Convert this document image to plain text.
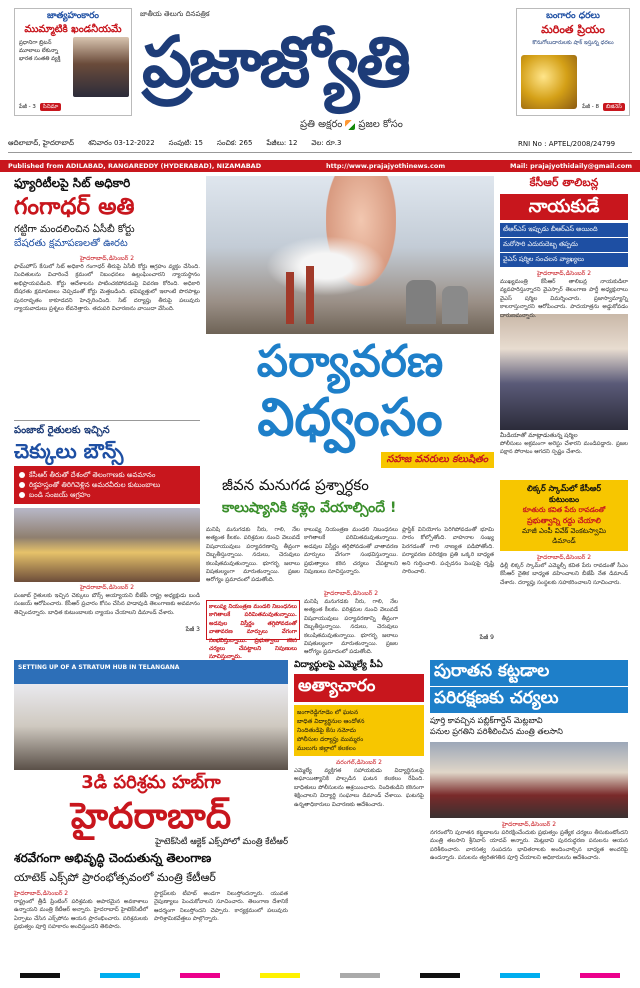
జాత్యహంకారం
ముమ్మాటికి ఖండనీయమే
ప్రధానిగా బ్రిటన్ మూలాలు లేకున్నా భారత సంతతి వ్యక్తి
పేజీ - 3	సినిమా
జాతీయ తెలుగు దినపత్రిక
ప్రజాజ్యోతి
ప్రతి అక్షరం ప్రజల కోసం
బంగారం ధరలు
మరింత ప్రియం
కొనుగోలుదారులకు షాక్ ఇస్తున్న ధరలు
పేజీ - 8	బిజినెస్
RNI No : APTEL/2008/24799
ఆదిలాబాద్, హైదరాబాద్ శనివారం 03-12-2022 సంపుటి: 15 సంచిక: 265 పేజీలు: 12 వెల: రూ.3
Published from ADILABAD, RANGAREDDY (HYDERABAD), NIZAMABAD	http://www.prajajyothinews.com	Mail: prajajyothidaily@gmail.com
ఫ్యూరిటీలపై సిట్ అధికారి
గంగాధర్ అతి
గట్టిగా మందలించిన ఏసీబీ కోర్టు
బేషరతు క్షమాపణలతో ఊరట
హైదరాబాద్,డిసెంబర్ 2
ఫామ్‌హౌస్ కేసులో సిట్ అధికారి గంగాధర్ తీరుపై ఏసీబీ కోర్టు ఆగ్రహం వ్యక్తం చేసింది. నిందితులను విచారించే క్రమంలో నిబంధనలు ఉల్లంఘించారని న్యాయస్థానం అభిప్రాయపడింది. కోర్టు ఆదేశాలను పాటించకపోవడంపై వివరణ కోరింది. అధికారి బేషరతు క్షమాపణలు చెప్పడంతో కోర్టు మెత్తబడింది. భవిష్యత్తులో ఇలాంటి పొరపాట్లు పునరావృతం కాకూడదని హెచ్చరించింది. సిట్ దర్యాప్తు తీరుపై పలువురు న్యాయవాదులు ప్రశ్నలు లేవనెత్తారు. తదుపరి విచారణను వాయిదా వేసింది.
పంజాబ్ రైతులకు ఇచ్చిన
చెక్కులు బౌన్స్
కేసీఆర్ తీరుతో దేశంలో తెలంగాణకు అవమానం
రిక్తహస్తంతో తిరిగివెళ్లిన అమరవీరుల కుటుంబాలు
బండి సంజయ్ ఆగ్రహం
హైదరాబాద్,డిసెంబర్ 2
పంజాబ్ రైతులకు ఇచ్చిన చెక్కులు బౌన్స్ అయ్యాయని బీజేపీ రాష్ట్ర అధ్యక్షుడు బండి సంజయ్ ఆరోపించారు. కేసీఆర్ ప్రచారం కోసం చేసిన హడావుడి తెలంగాణకు అవమానం తెచ్చిందన్నారు. బాధిత కుటుంబాలకు న్యాయం చేయాలని డిమాండ్ చేశారు.
పేజీ 3
పర్యావరణ
విధ్వంసం
సహజ వనరులు కలుషితం
జీవన మనుగడ ప్రశ్నార్ధకం
కాలుష్యానికి కళ్లెం వేయాల్సిందే !
మనిషి మనుగడకు నీరు, గాలి, నేల అత్యంత కీలకం. పరిశ్రమల నుంచి వెలువడే విషవాయువులు పర్యావరణాన్ని తీవ్రంగా దెబ్బతీస్తున్నాయి. నదులు, చెరువులు కలుషితమవుతున్నాయి. భూగర్భ జలాలు విషతుల్యంగా మారుతున్నాయి. ప్రజల ఆరోగ్యం ప్రమాదంలో పడుతోంది.
కాలుష్య నియంత్రణ మండలి నిబంధనలు కాగితాలకే పరిమితమవుతున్నాయి. అడవుల విస్తీర్ణం తగ్గిపోవడంతో వాతావరణ మార్పులు వేగంగా సంభవిస్తున్నాయి. ప్రభుత్వాలు కఠిన చర్యలు చేపట్టాలని నిపుణులు సూచిస్తున్నారు.
కాలుష్య నియంత్రణ మండలి నిబంధనలు కాగితాలకే పరిమితమవుతున్నాయి. అడవుల విస్తీర్ణం తగ్గిపోవడంతో వాతావరణ మార్పులు వేగంగా సంభవిస్తున్నాయి. ప్రభుత్వాలు కఠిన చర్యలు చేపట్టాలని నిపుణులు సూచిస్తున్నారు.
హైదరాబాద్,డిసెంబర్ 2
మనిషి మనుగడకు నీరు, గాలి, నేల అత్యంత కీలకం. పరిశ్రమల నుంచి వెలువడే విషవాయువులు పర్యావరణాన్ని తీవ్రంగా దెబ్బతీస్తున్నాయి. నదులు, చెరువులు కలుషితమవుతున్నాయి. భూగర్భ జలాలు విషతుల్యంగా మారుతున్నాయి. ప్రజల ఆరోగ్యం ప్రమాదంలో పడుతోంది.
ప్లాస్టిక్ వినియోగం పెరిగిపోవడంతో భూమి సారం కోల్పోతోంది. వాహనాల సంఖ్య పెరగడంతో గాలి నాణ్యత పడిపోతోంది. పర్యావరణ పరిరక్షణ ప్రతి ఒక్కరి బాధ్యత అని గుర్తించాలి. పచ్చదనం పెంపుపై దృష్టి సారించాలి.
పేజీ 9
కేసీఆర్ తాలిబన్ల
నాయకుడే
టీఆర్ఎస్ ఇప్పుడు బీఆర్ఎస్ అయింది
మరోసారి ఎదురుదెబ్బ తప్పదు
వైఎస్ షర్మిల సంచలన వ్యాఖ్యలు
హైదరాబాద్,డిసెంబర్ 2
ముఖ్యమంత్రి కేసీఆర్ తాలిబన్ల నాయకుడిలా వ్యవహరిస్తున్నారని వైఎస్సార్ తెలంగాణ పార్టీ అధ్యక్షురాలు వైఎస్ షర్మిల విమర్శించారు. ప్రజాస్వామ్యాన్ని కాలరాస్తున్నారని ఆరోపించారు. పాదయాత్రను అడ్డుకోవడం దారుణమన్నారు.
మీడియాతో మాట్లాడుతున్న షర్మిల
పోలీసులు అక్రమంగా అరెస్టు చేశారని మండిపడ్డారు. ప్రజల పక్షాన పోరాటం ఆగదని స్పష్టం చేశారు.
లిక్కర్ స్కామ్‌లో కేసీఆర్
కుటుంబం
కూతురు కవిత పేరు రావడంతో
ప్రభుత్వాన్ని రద్దు చేయాలి
మాజీ ఎంపీ వివేక్ వెంకటస్వామి
డిమాండ్
హైదరాబాద్,డిసెంబర్ 2
ఢిల్లీ లిక్కర్ స్కామ్‌లో ఎమ్మెల్సీ కవిత పేరు రావడంతో సీఎం కేసీఆర్ నైతిక బాధ్యత వహించాలని బీజేపీ నేత డిమాండ్ చేశారు. దర్యాప్తు సంస్థలకు సహకరించాలని సూచించారు.
SETTING UP OF A STRATUM HUB IN TELANGANA
3డి పరిశ్రమ హబ్‌గా
హైదరాబాద్
హైటెక్‌సిటీ ఆక్టెక్ ఎక్స్‌పోలో మంత్రి కేటీఆర్
శరవేగంగా అభివృద్ధి చెందుతున్న తెలంగాణ
యాటెక్ ఎక్స్‌పో ప్రారంభోత్సవంలో మంత్రి కేటీఆర్
హైదరాబాద్,డిసెంబర్ 2
రాష్ట్రంలో త్రీడీ ప్రింటింగ్ పరిశ్రమకు అపారమైన అవకాశాలు ఉన్నాయని మంత్రి కేటీఆర్ అన్నారు. హైదరాబాద్ హైటెక్‌సిటీలో ఏర్పాటు చేసిన ఎక్స్‌పోను ఆయన ప్రారంభించారు. పరిశ్రమలకు ప్రభుత్వం పూర్తి సహకారం అందిస్తుందని తెలిపారు.
స్టార్టప్‌లకు టీహబ్ అండగా నిలుస్తోందన్నారు. యువత నైపుణ్యాలు పెంచుకోవాలని సూచించారు. తెలంగాణ దేశానికే ఆదర్శంగా నిలుస్తోందని చెప్పారు. కార్యక్రమంలో పలువురు పారిశ్రామికవేత్తలు పాల్గొన్నారు.
విద్యార్థులపై ఎమ్మెల్యే పీఏ
అత్యాచారం
జంగారెడ్డిగూడెం లో ఘటన
బాధిత విద్యార్థినుల ఆందోళన
నిందితుడిపై కేసు నమోదు
పోలీసుల దర్యాప్తు ముమ్మరం
ములుగు జిల్లాలో కలకలం
వరంగల్,డిసెంబర్ 2
ఎమ్మెల్యే వ్యక్తిగత సహాయకుడు విద్యార్థినులపై అఘాయిత్యానికి పాల్పడిన ఘటన కలకలం రేపింది. బాధితులు పోలీసులను ఆశ్రయించారు. నిందితుడిని కఠినంగా శిక్షించాలని విద్యార్థి సంఘాలు డిమాండ్ చేశాయి. ఘటనపై ఉన్నతాధికారులు విచారణకు ఆదేశించారు.
పురాతన కట్టడాల
పరిరక్షణకు చర్యలు
పూర్తి కావచ్చిన పబ్లిక్‌గార్డెన్ మెట్లబావి
పనుల ప్రగతిని పరిశీలించిన మంత్రి తలసాని
హైదరాబాద్,డిసెంబర్ 2
నగరంలోని పురాతన కట్టడాలను పరిరక్షించేందుకు ప్రభుత్వం ప్రత్యేక చర్యలు తీసుకుంటోందని మంత్రి తలసాని శ్రీనివాస్ యాదవ్ అన్నారు. మెట్లబావి పునరుద్ధరణ పనులను ఆయన పరిశీలించారు. వారసత్వ సంపదను భావితరాలకు అందించాల్సిన బాధ్యత అందరిపై ఉందన్నారు. పనులను త్వరితగతిన పూర్తి చేయాలని అధికారులను ఆదేశించారు.
